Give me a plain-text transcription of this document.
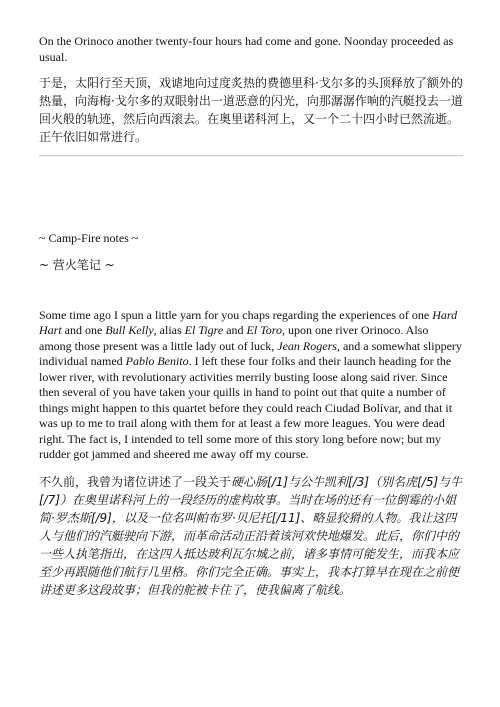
On the Orinoco another twenty-four hours had come and gone. Noonday proceeded as usual.

于是，太阳行至天顶，戏谑地向过度炙热的费德里科·戈尔多的头顶释放了额外的热量，向海梅·戈尔多的双眼射出一道恶意的闪光，向那潺潺作响的汽艇投去一道回火般的轨迹，然后向西滚去。在奥里诺科河上，又一个二十四小时已然流逝。正午依旧如常进行。

~ Camp-Fire notes ~

~ 营火笔记 ~

Some time ago I spun a little yarn for you chaps regarding the experiences of one Hard Hart and one Bull Kelly, alias El Tigre and El Toro, upon one river Orinoco. Also among those present was a little lady out of luck, Jean Rogers, and a somewhat slippery individual named Pablo Benito. I left these four folks and their launch heading for the lower river, with revolutionary activities merrily busting loose along said river. Since then several of you have taken your quills in hand to point out that quite a number of things might happen to this quartet before they could reach Ciudad Bolívar, and that it was up to me to trail along with them for at least a few more leagues. You were dead right. The fact is, I intended to tell some more of this story long before now; but my rudder got jammed and sheered me away off my course.

不久前，我曾为诸位讲述了一段关于硬心肠[/1]与公牛凯利[/3]（别名虎[/5]与牛[/7]）在奥里诺科河上的一段经历的虚构故事。当时在场的还有一位倒霉的小姐简·罗杰斯[/9]，以及一位名叫帕布罗·贝尼托[/11]、略显狡猾的人物。我让这四人与他们的汽艇驶向下游，而革命活动正沿着该河欢快地爆发。此后，你们中的一些人执笔指出，在这四人抵达玻利瓦尔城之前，诸多事情可能发生，而我本应至少再跟随他们航行几里格。你们完全正确。事实上，我本打算早在现在之前便讲述更多这段故事；但我的舵被卡住了，使我偏离了航线。
